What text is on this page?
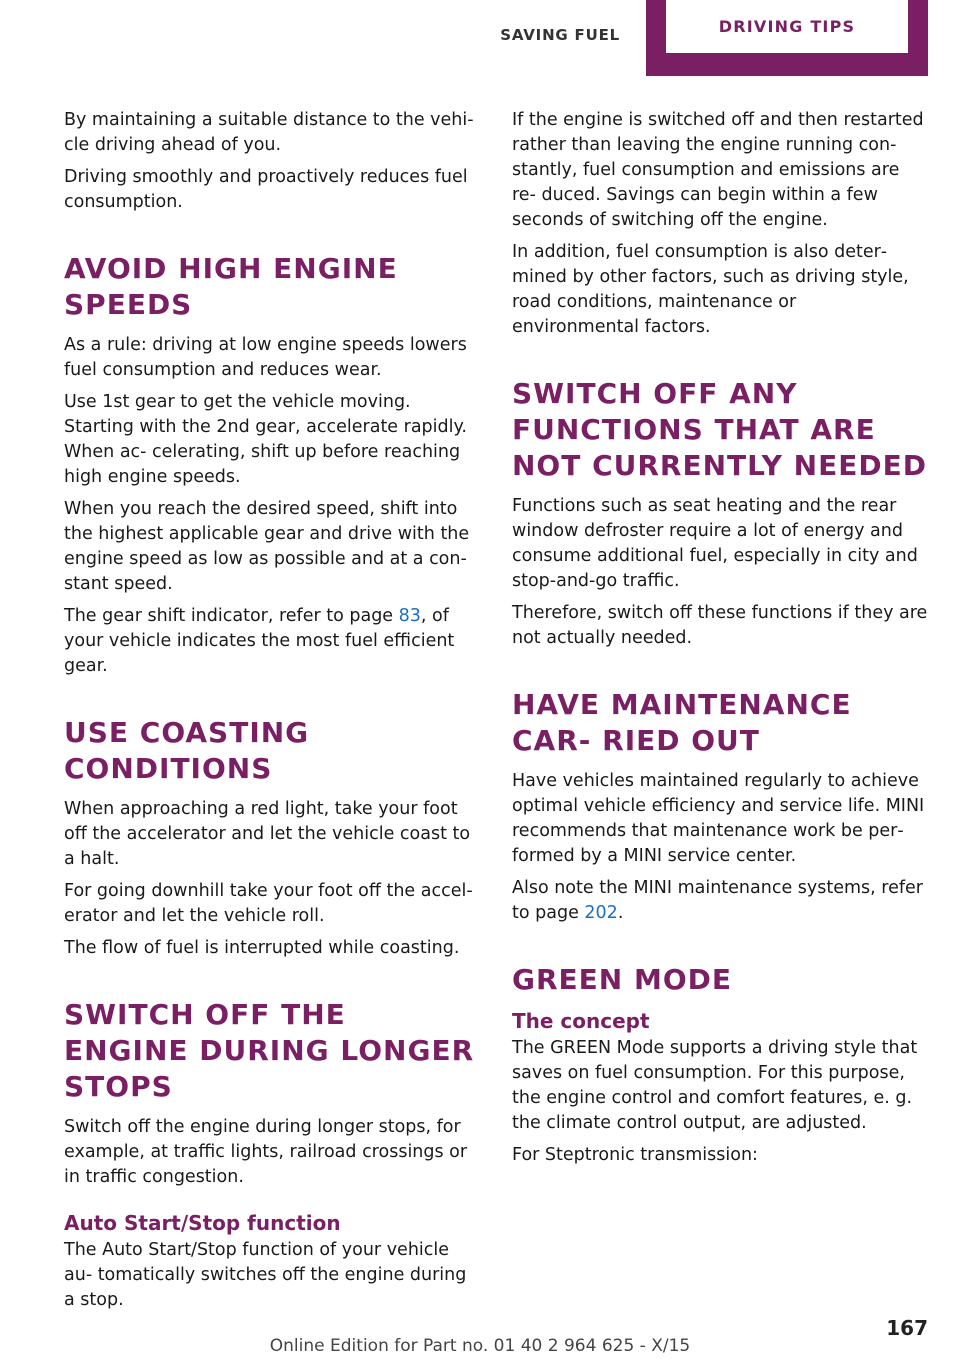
SAVING FUEL	DRIVING TIPS

By maintaining a suitable distance to the vehi‐ cle driving ahead of you.

Driving smoothly and proactively reduces fuel consumption.

AVOID HIGH ENGINE SPEEDS

As a rule: driving at low engine speeds lowers fuel consumption and reduces wear.

Use 1st gear to get the vehicle moving. Starting with the 2nd gear, accelerate rapidly. When ac‐ celerating, shift up before reaching high engine speeds.

When you reach the desired speed, shift into the highest applicable gear and drive with the engine speed as low as possible and at a con‐ stant speed.

The gear shift indicator, refer to page 83, of your vehicle indicates the most fuel efficient gear.

USE COASTING CONDITIONS

When approaching a red light, take your foot off the accelerator and let the vehicle coast to a halt.

For going downhill take your foot off the accel‐ erator and let the vehicle roll.

The flow of fuel is interrupted while coasting.

SWITCH OFF THE ENGINE DURING LONGER STOPS

Switch off the engine during longer stops, for example, at traffic lights, railroad crossings or in traffic congestion.

Auto Start/Stop function

The Auto Start/Stop function of your vehicle au‐ tomatically switches off the engine during a stop.

If the engine is switched off and then restarted rather than leaving the engine running con‐ stantly, fuel consumption and emissions are re‐ duced. Savings can begin within a few seconds of switching off the engine.

In addition, fuel consumption is also deter‐ mined by other factors, such as driving style, road conditions, maintenance or environmental factors.

SWITCH OFF ANY FUNCTIONS THAT ARE NOT CURRENTLY NEEDED

Functions such as seat heating and the rear window defroster require a lot of energy and consume additional fuel, especially in city and stop-and-go traffic.

Therefore, switch off these functions if they are not actually needed.

HAVE MAINTENANCE CAR‐ RIED OUT

Have vehicles maintained regularly to achieve optimal vehicle efficiency and service life. MINI recommends that maintenance work be per‐ formed by a MINI service center.

Also note the MINI maintenance systems, refer to page 202.

GREEN MODE
The concept

The GREEN Mode supports a driving style that saves on fuel consumption. For this purpose, the engine control and comfort features, e. g. the climate control output, are adjusted.

For Steptronic transmission:

Online Edition for Part no. 01 40 2 964 625 - X/15
167
